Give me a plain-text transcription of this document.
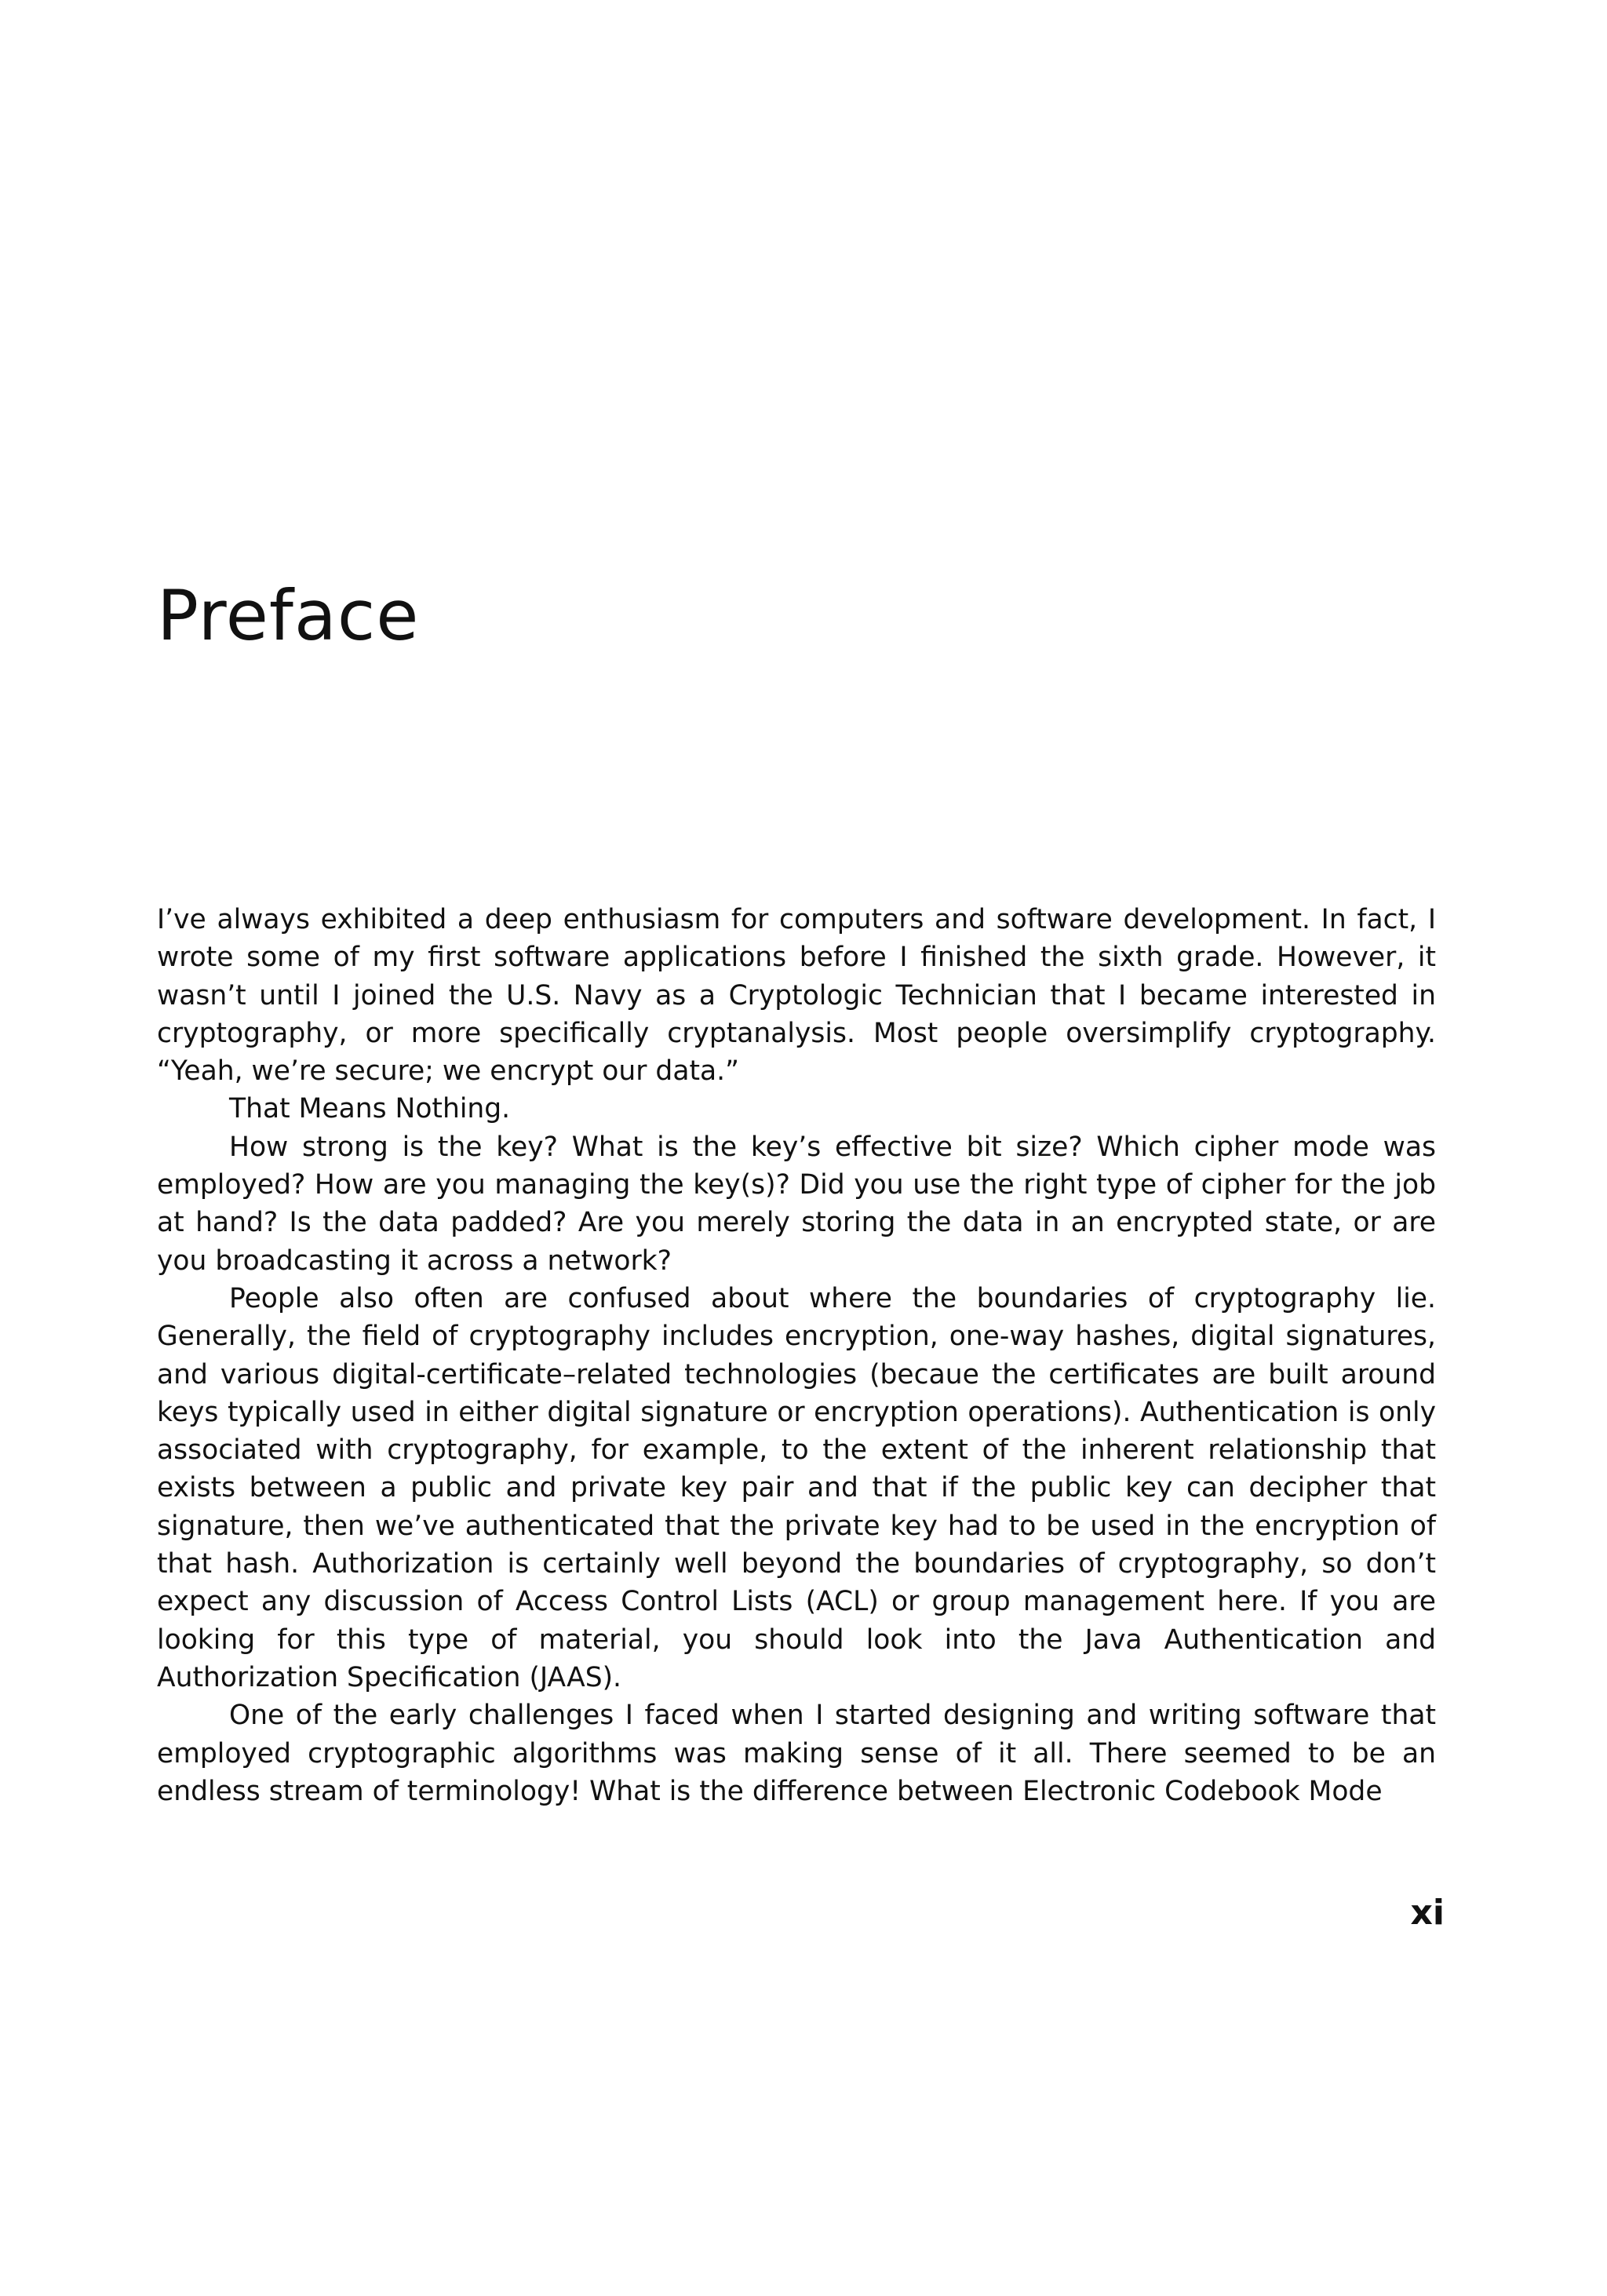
Preface

I’ve always exhibited a deep enthusiasm for computers and software development. In fact, I wrote some of my first software applications before I finished the sixth grade. However, it wasn’t until I joined the U.S. Navy as a Cryptologic Technician that I became interested in cryptography, or more specifically cryptanalysis. Most people oversimplify cryptography. “Yeah, we’re secure; we encrypt our data.”

That Means Nothing.

How strong is the key? What is the key’s effective bit size? Which cipher mode was employed? How are you managing the key(s)? Did you use the right type of cipher for the job at hand? Is the data padded? Are you merely storing the data in an encrypted state, or are you broadcasting it across a network?

People also often are confused about where the boundaries of cryptography lie. Generally, the field of cryptography includes encryption, one-way hashes, digital signatures, and various digital-certificate–related technologies (becaue the certificates are built around keys typically used in either digital signature or encryption operations). Authentication is only associated with cryptography, for example, to the extent of the inherent relationship that exists between a public and private key pair and that if the public key can decipher that signature, then we’ve authenticated that the private key had to be used in the encryption of that hash. Authorization is certainly well beyond the boundaries of cryptography, so don’t expect any discussion of Access Control Lists (ACL) or group management here. If you are looking for this type of material, you should look into the Java Authentication and Authorization Specification (JAAS).

One of the early challenges I faced when I started designing and writing software that employed cryptographic algorithms was making sense of it all. There seemed to be an endless stream of terminology! What is the difference between Electronic Codebook Mode

xi
